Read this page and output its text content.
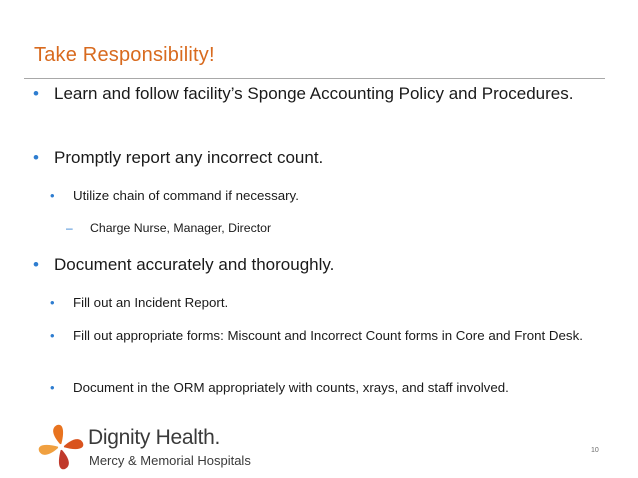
Take Responsibility!
• Learn and follow facility’s Sponge Accounting Policy and Procedures.
• Promptly report any incorrect count.
•	Utilize chain of command if necessary.
–	Charge Nurse, Manager, Director
• Document accurately and thoroughly.
•	Fill out an Incident Report.
•	Fill out appropriate forms: Miscount and Incorrect Count forms in Core and Front Desk.
•	Document in the ORM appropriately with counts, xrays, and staff involved.
Dignity Health.
Mercy & Memorial Hospitals
10
